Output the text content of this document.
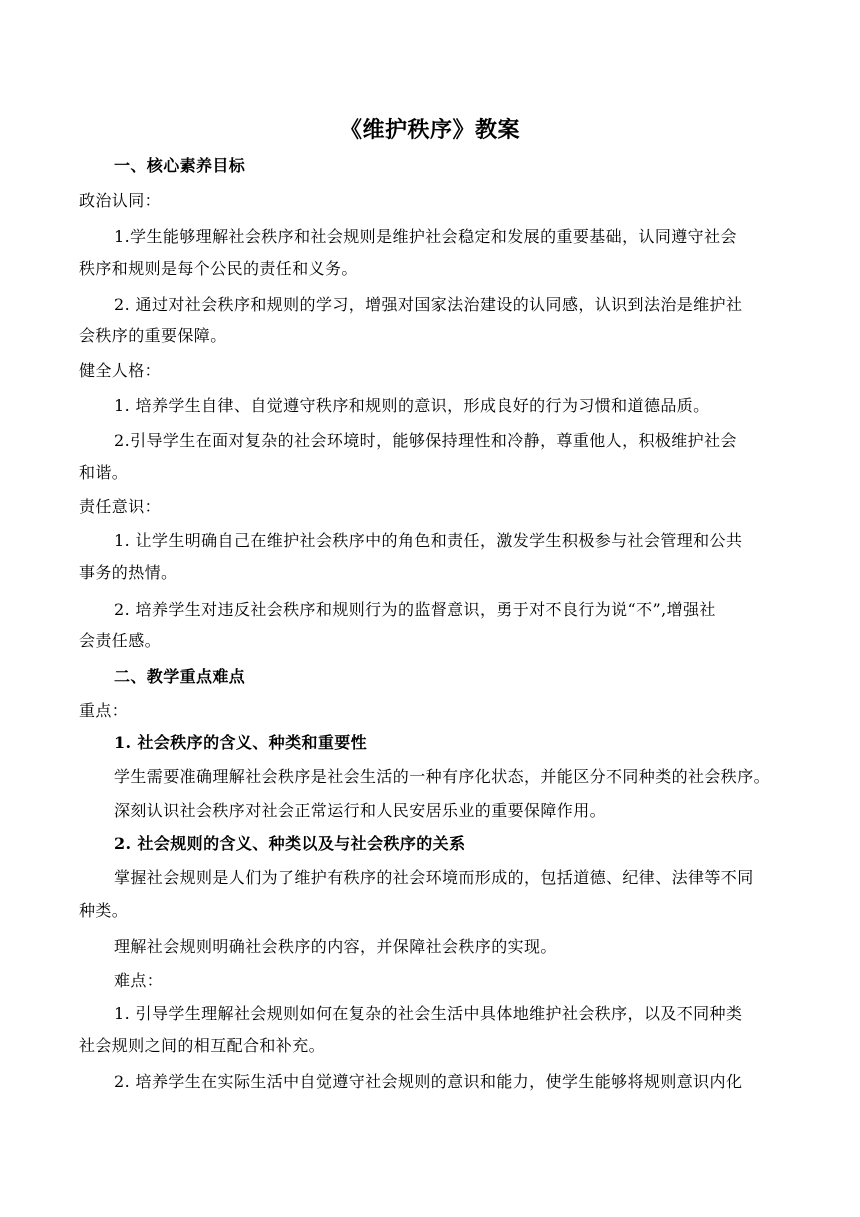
《维护秩序》教案
一、核心素养目标
政治认同：
1.学生能够理解社会秩序和社会规则是维护社会稳定和发展的重要基础，认同遵守社会
秩序和规则是每个公民的责任和义务。
2. 通过对社会秩序和规则的学习，增强对国家法治建设的认同感，认识到法治是维护社
会秩序的重要保障。
健全人格：
1. 培养学生自律、自觉遵守秩序和规则的意识，形成良好的行为习惯和道德品质。
2.引导学生在面对复杂的社会环境时，能够保持理性和冷静，尊重他人，积极维护社会
和谐。
责任意识：
1. 让学生明确自己在维护社会秩序中的角色和责任，激发学生积极参与社会管理和公共
事务的热情。
2. 培养学生对违反社会秩序和规则行为的监督意识，勇于对不良行为说“不”,增强社
会责任感。
二、教学重点难点
重点：
1. 社会秩序的含义、种类和重要性
学生需要准确理解社会秩序是社会生活的一种有序化状态，并能区分不同种类的社会秩序。
深刻认识社会秩序对社会正常运行和人民安居乐业的重要保障作用。
2. 社会规则的含义、种类以及与社会秩序的关系
掌握社会规则是人们为了维护有秩序的社会环境而形成的，包括道德、纪律、法律等不同
种类。
理解社会规则明确社会秩序的内容，并保障社会秩序的实现。
难点：
1. 引导学生理解社会规则如何在复杂的社会生活中具体地维护社会秩序，以及不同种类
社会规则之间的相互配合和补充。
2. 培养学生在实际生活中自觉遵守社会规则的意识和能力，使学生能够将规则意识内化
